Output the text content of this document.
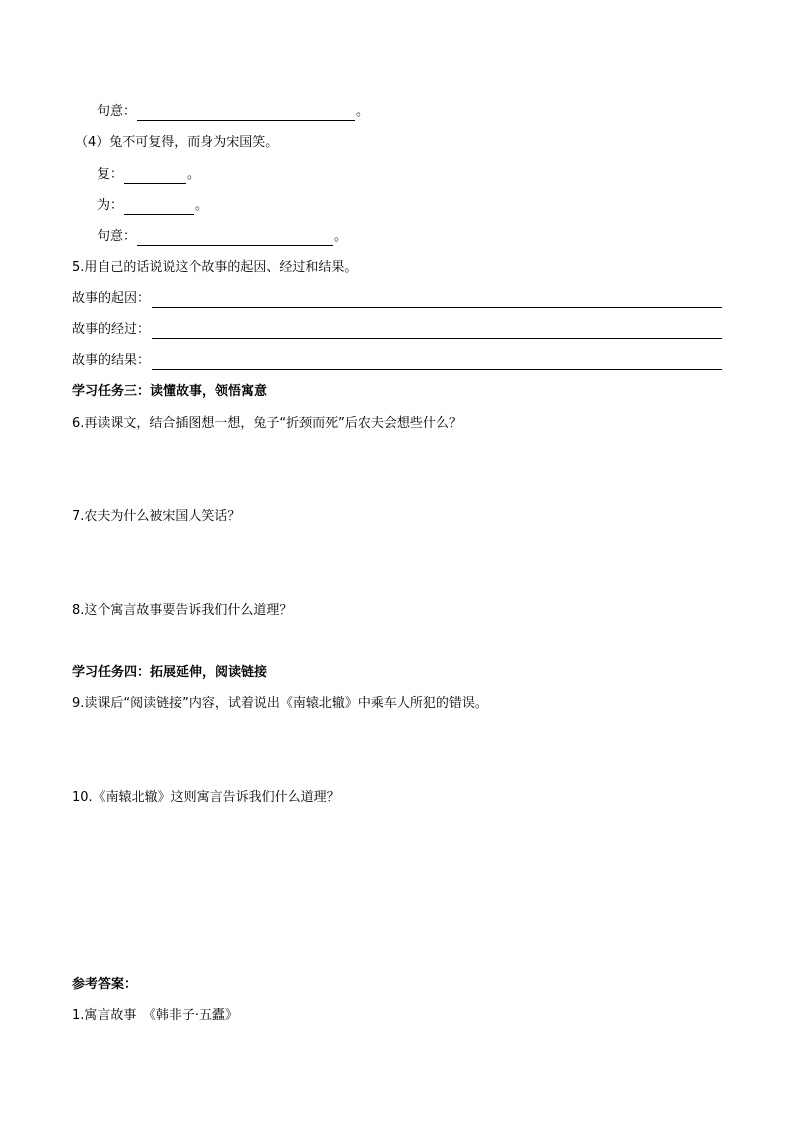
句意：	。
（4）兔不可复得，而身为宋国笑。
复：	。
为：	。
句意：	。
5.用自己的话说说这个故事的起因、经过和结果。
故事的起因：
故事的经过：
故事的结果：
学习任务三：读懂故事，领悟寓意
6.再读课文，结合插图想一想，兔子“折颈而死”后农夫会想些什么？
7.农夫为什么被宋国人笑话？
8.这个寓言故事要告诉我们什么道理？
学习任务四：拓展延伸，阅读链接
9.读课后“阅读链接”内容，试着说出《南辕北辙》中乘车人所犯的错误。
10.《南辕北辙》这则寓言告诉我们什么道理？
参考答案：
1.寓言故事　《韩非子·五蠹》
